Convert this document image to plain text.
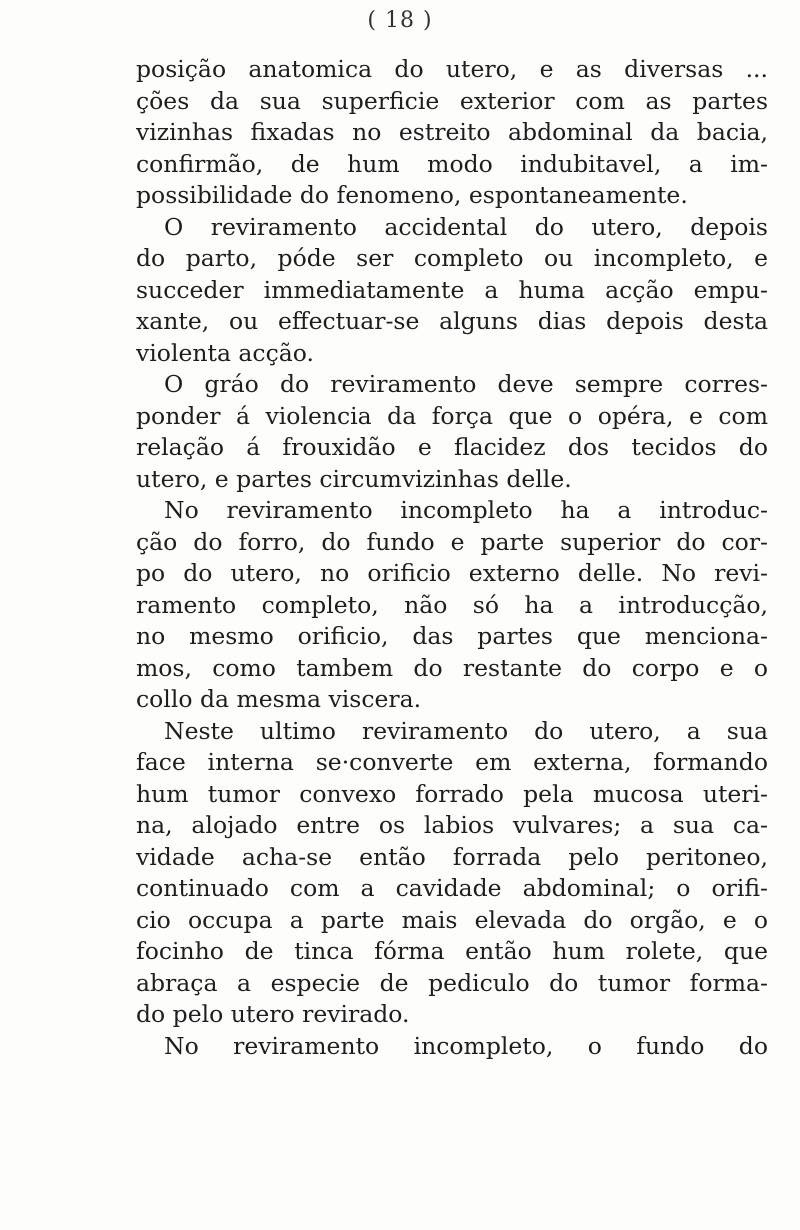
( 18 )
posição anatomica do utero, e as diversas ...
ções da sua superficie exterior com as partes
vizinhas fixadas no estreito abdominal da bacia,
confirmão, de hum modo indubitavel, a im-
possibilidade do fenomeno, espontaneamente.
O reviramento accidental do utero, depois
do parto, póde ser completo ou incompleto, e
succeder immediatamente a huma acção empu-
xante, ou effectuar-se alguns dias depois desta
violenta acção.
O gráo do reviramento deve sempre corres-
ponder á violencia da força que o opéra, e com
relação á frouxidão e flacidez dos tecidos do
utero, e partes circumvizinhas delle.
No reviramento incompleto ha a introduc-
ção do forro, do fundo e parte superior do cor-
po do utero, no orificio externo delle. No revi-
ramento completo, não só ha a introducção,
no mesmo orificio, das partes que menciona-
mos, como tambem do restante do corpo e o
collo da mesma viscera.
Neste ultimo reviramento do utero, a sua
face interna se·converte em externa, formando
hum tumor convexo forrado pela mucosa uteri-
na, alojado entre os labios vulvares; a sua ca-
vidade acha-se então forrada pelo peritoneo,
continuado com a cavidade abdominal; o orifi-
cio occupa a parte mais elevada do orgão, e o
focinho de tinca fórma então hum rolete, que
abraça a especie de pediculo do tumor forma-
do pelo utero revirado.
No reviramento incompleto, o fundo do
